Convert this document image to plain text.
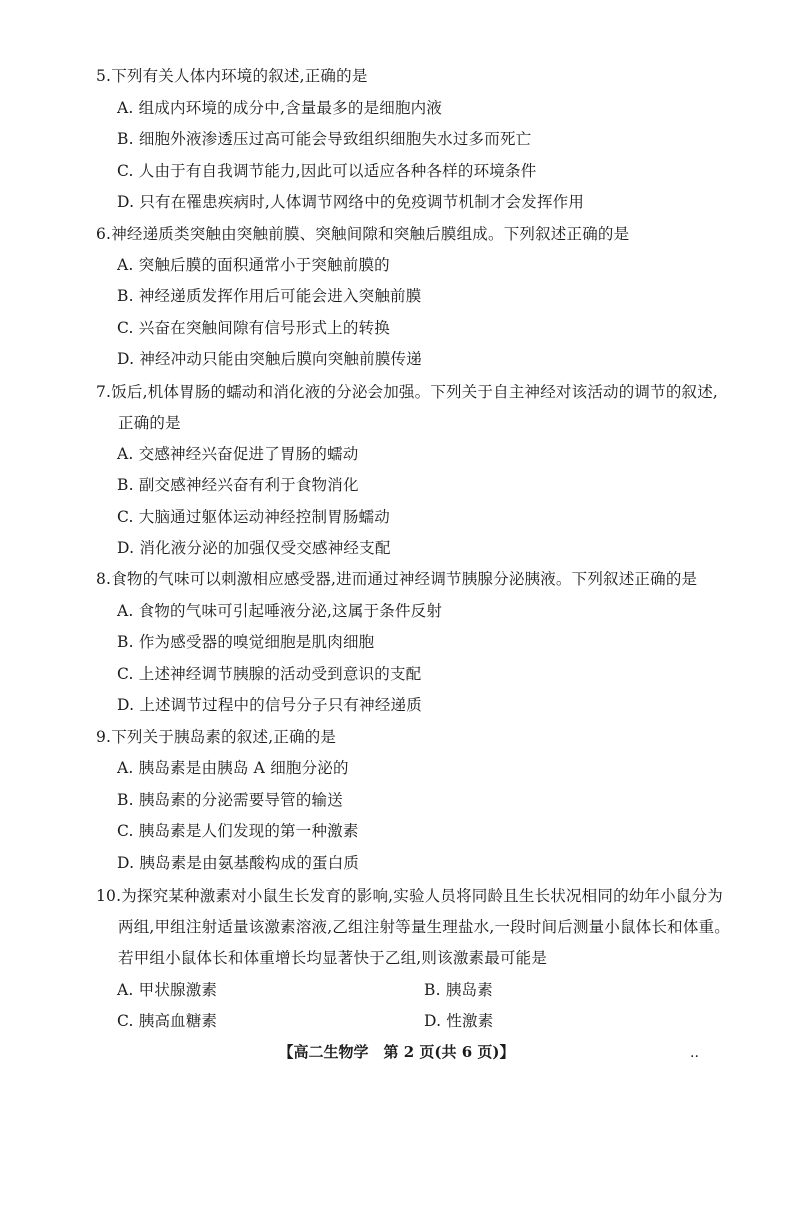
5.下列有关人体内环境的叙述,正确的是
A. 组成内环境的成分中,含量最多的是细胞内液
B. 细胞外液渗透压过高可能会导致组织细胞失水过多而死亡
C. 人由于有自我调节能力,因此可以适应各种各样的环境条件
D. 只有在罹患疾病时,人体调节网络中的免疫调节机制才会发挥作用
6.神经递质类突触由突触前膜、突触间隙和突触后膜组成。下列叙述正确的是
A. 突触后膜的面积通常小于突触前膜的
B. 神经递质发挥作用后可能会进入突触前膜
C. 兴奋在突触间隙有信号形式上的转换
D. 神经冲动只能由突触后膜向突触前膜传递
7.饭后,机体胃肠的蠕动和消化液的分泌会加强。下列关于自主神经对该活动的调节的叙述,
正确的是
A. 交感神经兴奋促进了胃肠的蠕动
B. 副交感神经兴奋有利于食物消化
C. 大脑通过躯体运动神经控制胃肠蠕动
D. 消化液分泌的加强仅受交感神经支配
8.食物的气味可以刺激相应感受器,进而通过神经调节胰腺分泌胰液。下列叙述正确的是
A. 食物的气味可引起唾液分泌,这属于条件反射
B. 作为感受器的嗅觉细胞是肌肉细胞
C. 上述神经调节胰腺的活动受到意识的支配
D. 上述调节过程中的信号分子只有神经递质
9.下列关于胰岛素的叙述,正确的是
A. 胰岛素是由胰岛 A 细胞分泌的
B. 胰岛素的分泌需要导管的输送
C. 胰岛素是人们发现的第一种激素
D. 胰岛素是由氨基酸构成的蛋白质
10.为探究某种激素对小鼠生长发育的影响,实验人员将同龄且生长状况相同的幼年小鼠分为
两组,甲组注射适量该激素溶液,乙组注射等量生理盐水,一段时间后测量小鼠体长和体重。
若甲组小鼠体长和体重增长均显著快于乙组,则该激素最可能是
A. 甲状腺激素	B. 胰岛素
C. 胰高血糖素	D. 性激素
【高二生物学　第 2 页(共 6 页)】	..
